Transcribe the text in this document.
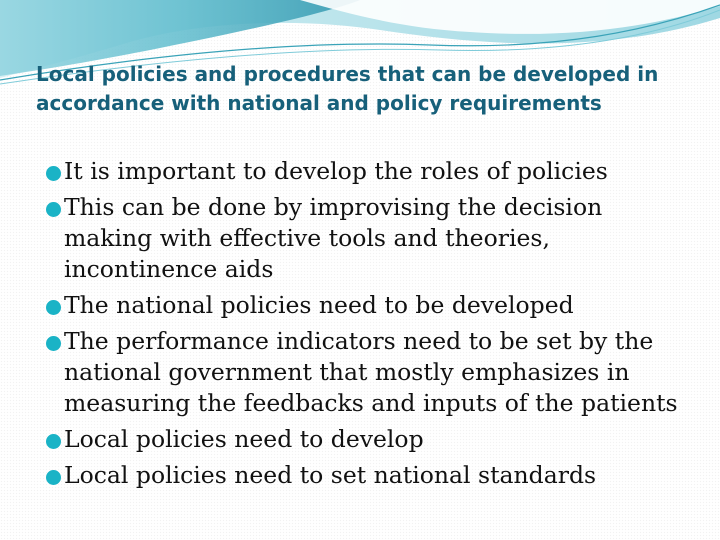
Local policies and procedures that can be developed in accordance with national and policy requirements
It is important to develop the roles of policies
This can be done by improvising the decision making with effective tools and theories, incontinence aids
The national policies need to be developed
The performance indicators need to be set by the national government that mostly emphasizes in measuring the feedbacks and inputs of the patients
Local policies need to develop
Local policies need to set national standards
